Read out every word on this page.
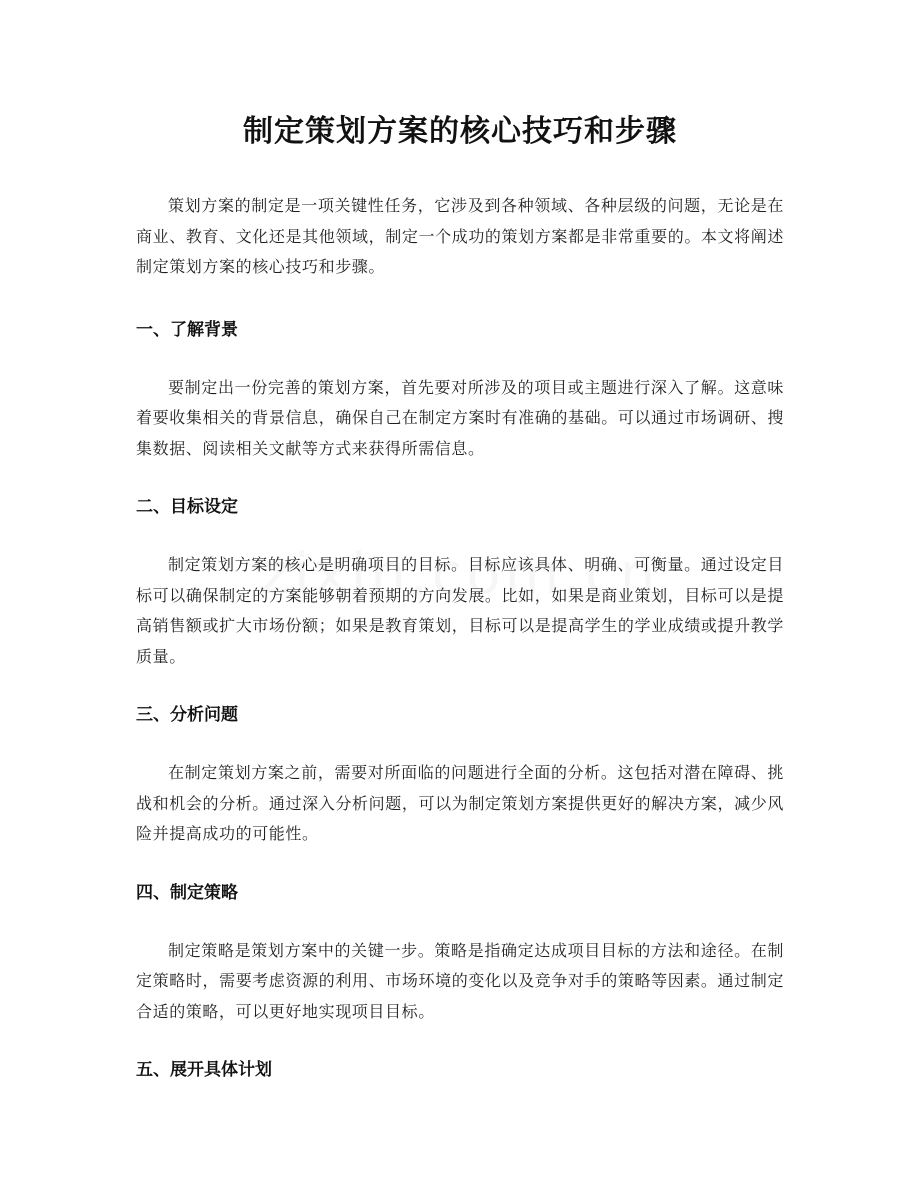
制定策划方案的核心技巧和步骤

策划方案的制定是一项关键性任务，它涉及到各种领域、各种层级的问题，无论是在商业、教育、文化还是其他领域，制定一个成功的策划方案都是非常重要的。本文将阐述制定策划方案的核心技巧和步骤。

一、了解背景

要制定出一份完善的策划方案，首先要对所涉及的项目或主题进行深入了解。这意味着要收集相关的背景信息，确保自己在制定方案时有准确的基础。可以通过市场调研、搜集数据、阅读相关文献等方式来获得所需信息。

二、目标设定

制定策划方案的核心是明确项目的目标。目标应该具体、明确、可衡量。通过设定目标可以确保制定的方案能够朝着预期的方向发展。比如，如果是商业策划，目标可以是提高销售额或扩大市场份额；如果是教育策划，目标可以是提高学生的学业成绩或提升教学质量。

三、分析问题

在制定策划方案之前，需要对所面临的问题进行全面的分析。这包括对潜在障碍、挑战和机会的分析。通过深入分析问题，可以为制定策划方案提供更好的解决方案，减少风险并提高成功的可能性。

四、制定策略

制定策略是策划方案中的关键一步。策略是指确定达成项目目标的方法和途径。在制定策略时，需要考虑资源的利用、市场环境的变化以及竞争对手的策略等因素。通过制定合适的策略，可以更好地实现项目目标。

五、展开具体计划
